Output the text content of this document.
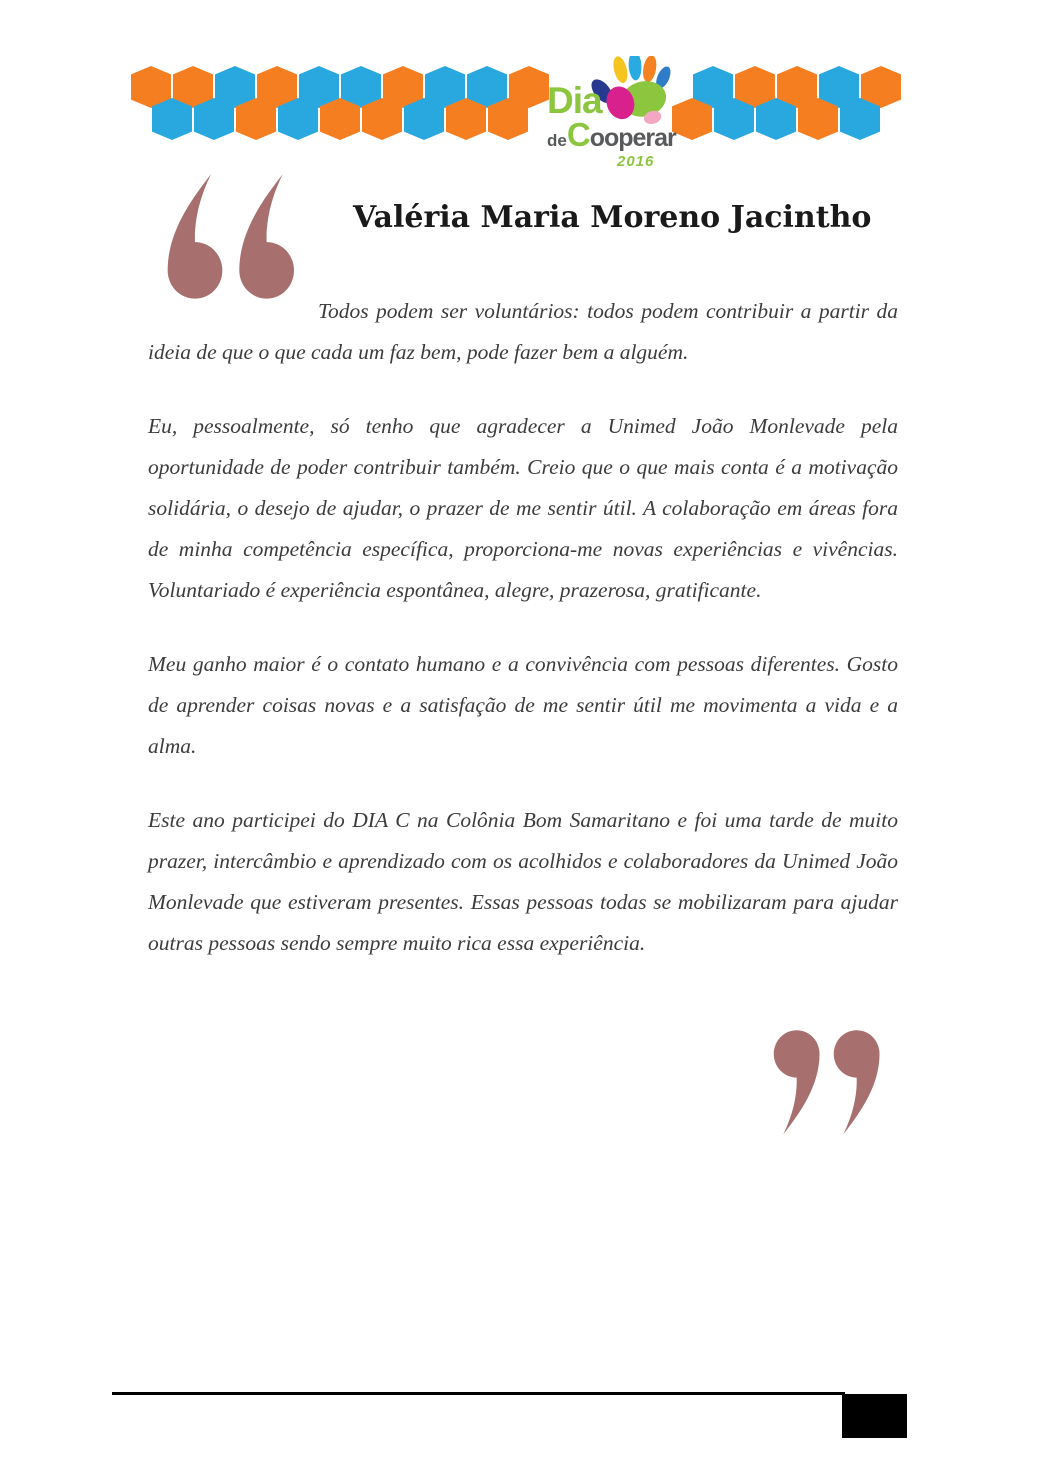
Dia
de C ooperar
2016
Valéria Maria Moreno Jacintho

Todos podem ser voluntários: todos podem contribuir a partir da ideia de que o que cada um faz bem, pode fazer bem a alguém.

Eu, pessoalmente, só tenho que agradecer a Unimed João Monlevade pela oportunidade de poder contribuir também. Creio que o que mais conta é a motivação solidária, o desejo de ajudar, o prazer de me sentir útil. A colaboração em áreas fora de minha competência específica, proporciona-me novas experiências e vivências. Voluntariado é experiência espontânea, alegre, prazerosa, gratificante.

Meu ganho maior é o contato humano e a convivência com pessoas diferentes. Gosto de aprender coisas novas e a satisfação de me sentir útil me movimenta a vida e a alma.

Este ano participei do DIA C na Colônia Bom Samaritano e foi uma tarde de muito prazer, intercâmbio e aprendizado com os acolhidos e colaboradores da Unimed João Monlevade que estiveram presentes. Essas pessoas todas se mobilizaram para ajudar outras pessoas sendo sempre muito rica essa experiência.
